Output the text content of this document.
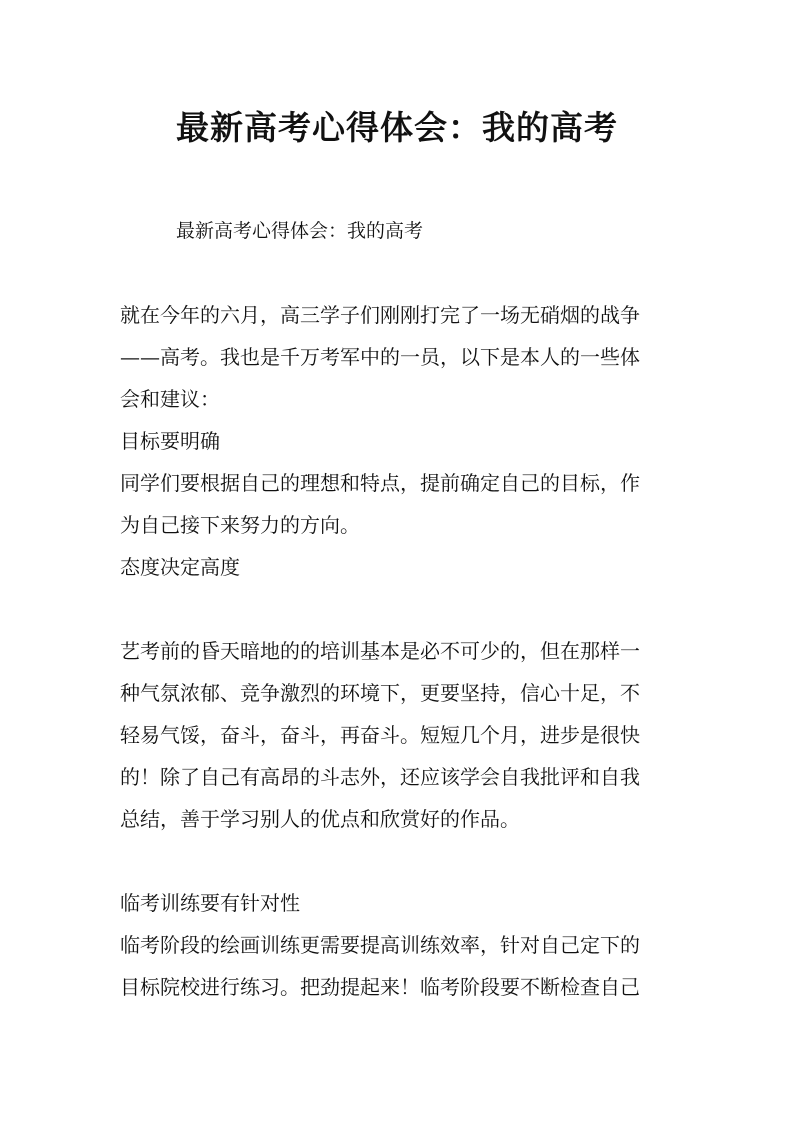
最新高考心得体会：我的高考
最新高考心得体会：我的高考
就在今年的六月，高三学子们刚刚打完了一场无硝烟的战争
——高考。我也是千万考军中的一员，以下是本人的一些体
会和建议：
目标要明确
同学们要根据自己的理想和特点，提前确定自己的目标，作
为自己接下来努力的方向。
态度决定高度
艺考前的昏天暗地的的培训基本是必不可少的，但在那样一
种气氛浓郁、竞争激烈的环境下，更要坚持，信心十足，不
轻易气馁，奋斗，奋斗，再奋斗。短短几个月，进步是很快
的！除了自己有高昂的斗志外，还应该学会自我批评和自我
总结，善于学习别人的优点和欣赏好的作品。
临考训练要有针对性
临考阶段的绘画训练更需要提高训练效率，针对自己定下的
目标院校进行练习。把劲提起来！临考阶段要不断检查自己
